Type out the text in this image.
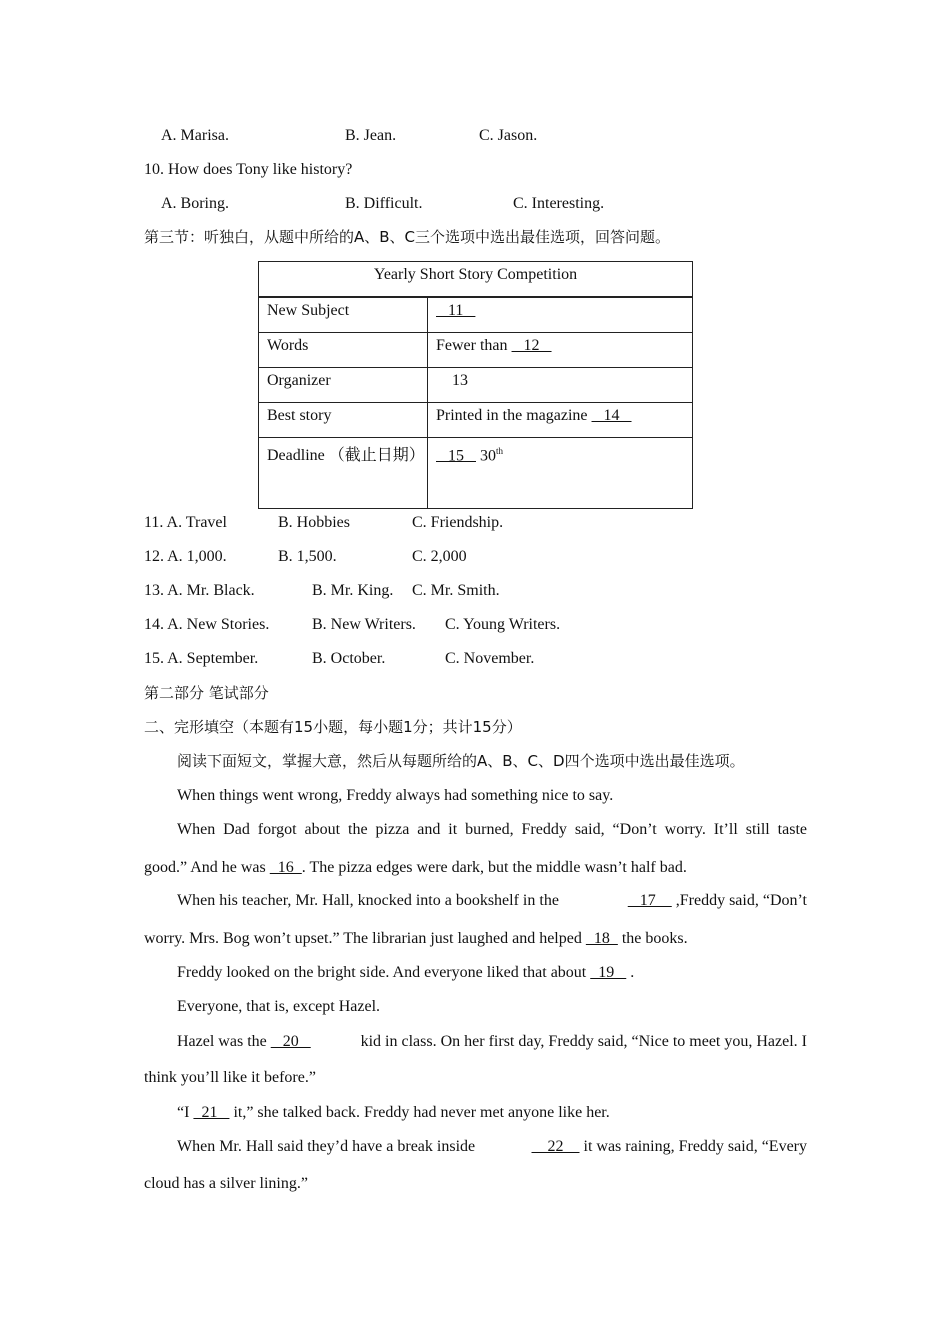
A. Marisa.	B. Jean.	C. Jason.
10. How does Tony like history?
A. Boring.	B. Difficult.	C. Interesting.
第三节：听独白，从题中所给的A、B、C三个选项中选出最佳选项，回答问题。
Yearly Short Story Competition	
New Subject	11
Words	Fewer than    12
Organizer	13
Best story	Printed in the magazine    14
Deadline （截止日期）	15    30th
11. A. Travel	B. Hobbies	C. Friendship.
12. A. 1,000.	B. 1,500.	C. 2,000
13. A. Mr. Black.	B. Mr. King. C. Mr. Smith.
14. A. New Stories.	B. New Writers. C. Young Writers.
15. A. September.	B. October.	C. November.
第二部分 笔试部分
二、完形填空（本题有15小题，每小题1分；共计15分）
阅读下面短文，掌握大意，然后从每题所给的A、B、C、D四个选项中选出最佳选项。
When things went wrong, Freddy always had something nice to say.
When Dad forgot about the pizza and it burned, Freddy said, “Don’t worry. It’ll still taste
good.” And he was   16  . The pizza edges were dark, but the middle wasn’t half bad.
When his teacher, Mr. Hall, knocked into a bookshelf in the	17     ,Freddy said, “Don’t
worry. Mrs. Bog won’t upset.” The librarian just laughed and helped   18   the books.
Freddy looked on the bright side. And everyone liked that about   19    .
Everyone, that is, except Hazel.
Hazel was the    20	kid in class. On her first day, Freddy said, “Nice to meet you, Hazel. I
think you’ll like it before.”
“I   21    it,” she talked back. Freddy had never met anyone like her.
When Mr. Hall said they’d have a break inside	22     it was raining, Freddy said, “Every
cloud has a silver lining.”
